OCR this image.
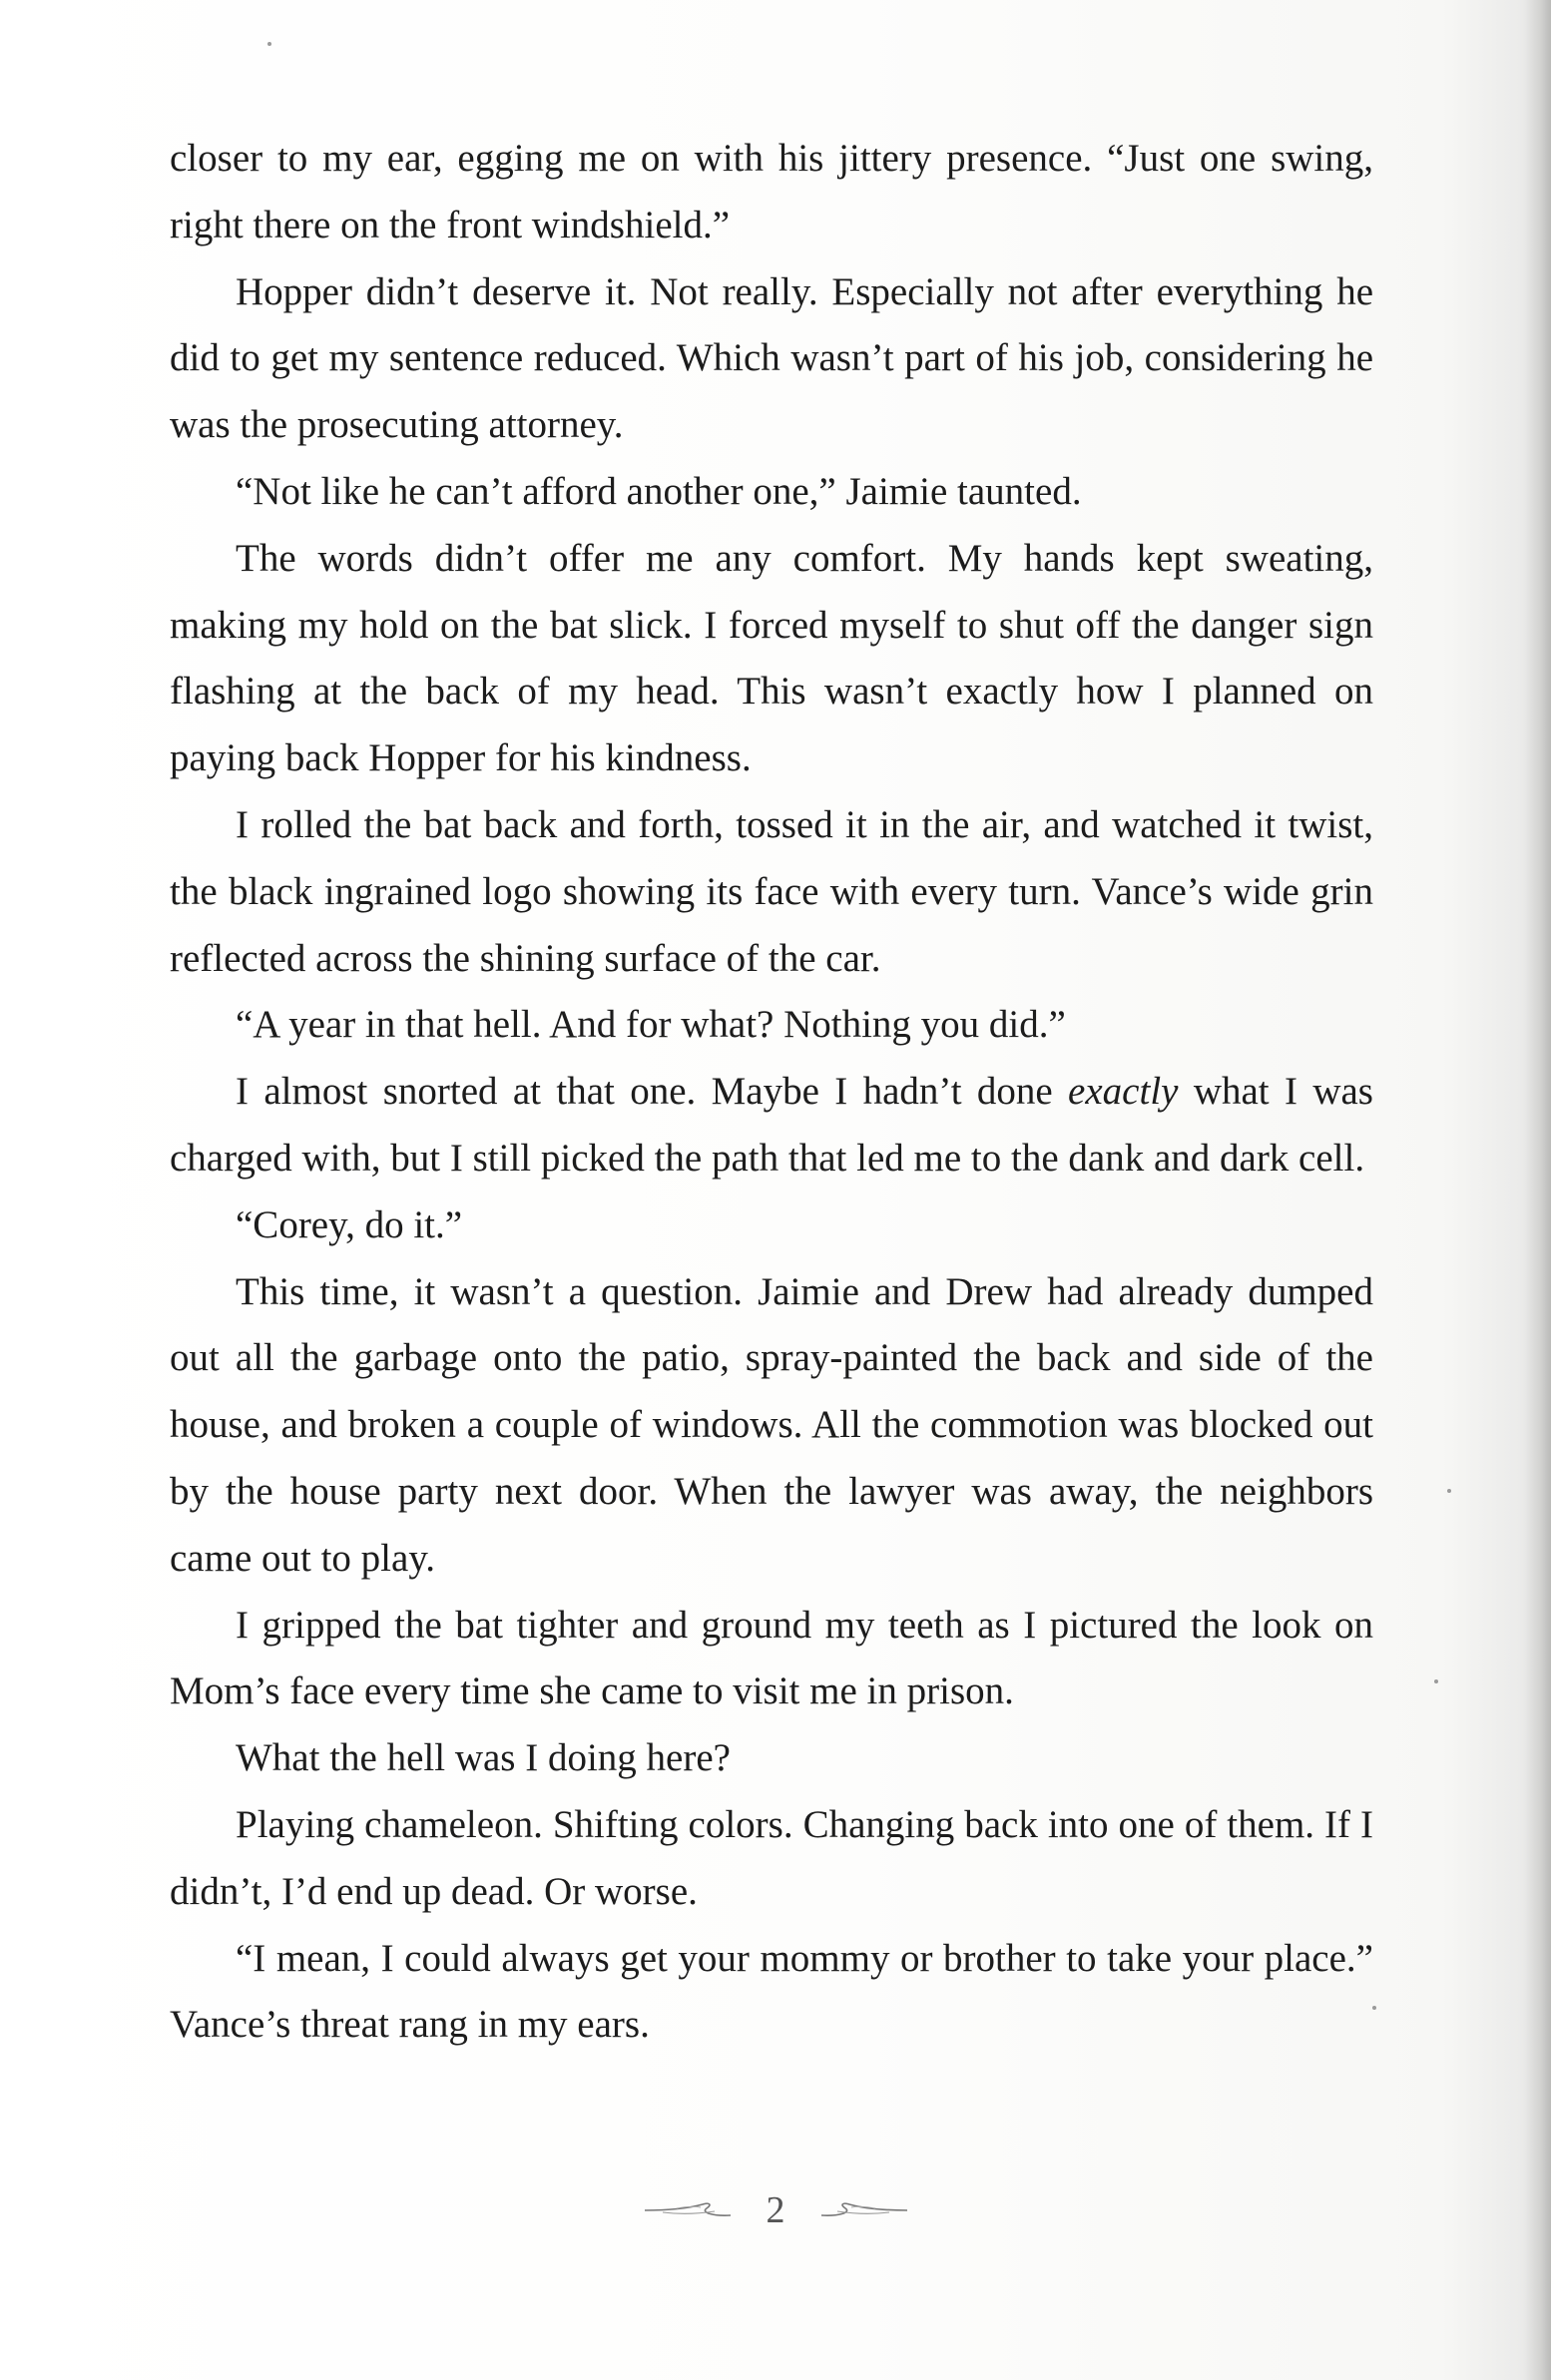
closer to my ear, egging me on with his jittery presence. “Just one swing, right there on the front windshield.”

Hopper didn’t deserve it. Not really. Especially not after everything he did to get my sentence reduced. Which wasn’t part of his job, considering he was the prosecuting attorney.

“Not like he can’t afford another one,” Jaimie taunted.

The words didn’t offer me any comfort. My hands kept sweating, making my hold on the bat slick. I forced myself to shut off the danger sign flashing at the back of my head. This wasn’t exactly how I planned on paying back Hopper for his kindness.

I rolled the bat back and forth, tossed it in the air, and watched it twist, the black ingrained logo showing its face with every turn. Vance’s wide grin reflected across the shining surface of the car.

“A year in that hell. And for what? Nothing you did.”

I almost snorted at that one. Maybe I hadn’t done exactly what I was charged with, but I still picked the path that led me to the dank and dark cell.

“Corey, do it.”

This time, it wasn’t a question. Jaimie and Drew had already dumped out all the garbage onto the patio, spray-painted the back and side of the house, and broken a couple of windows. All the commotion was blocked out by the house party next door. When the lawyer was away, the neighbors came out to play.

I gripped the bat tighter and ground my teeth as I pictured the look on Mom’s face every time she came to visit me in prison.

What the hell was I doing here?

Playing chameleon. Shifting colors. Changing back into one of them. If I didn’t, I’d end up dead. Or worse.

“I mean, I could always get your mommy or brother to take your place.” Vance’s threat rang in my ears.

2
